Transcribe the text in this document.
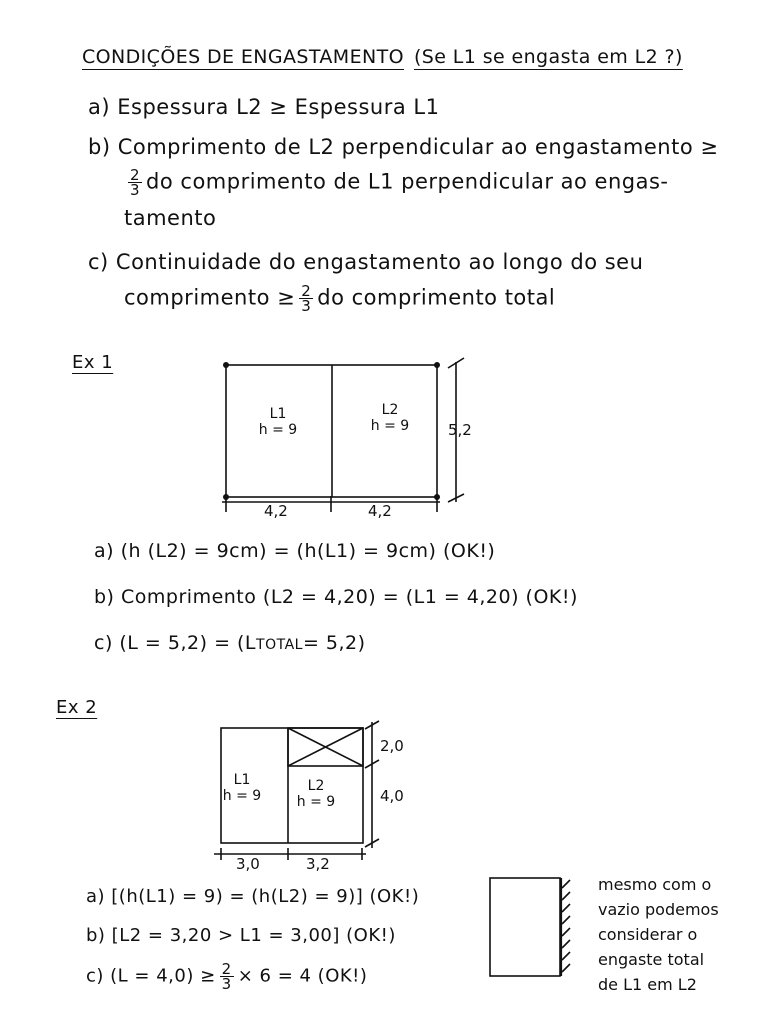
CONDIÇÕES DE ENGASTAMENTO (Se L1 se engasta em L2 ?)
a) Espessura L2 ≥ Espessura L1
b) Comprimento de L2 perpendicular ao engastamento ≥
$\frac{2}{3}$ do comprimento de L1 perpendicular ao engas-
tamento
c) Continuidade do engastamento ao longo do seu
comprimento ≥ $\frac{2}{3}$ do comprimento total
Ex 1
L1
h = 9
L2
h = 9	5,2
4,2	4,2
a) (h (L2) = 9cm) = (h(L1) = 9cm) (OK!)
b) Comprimento (L2 = 4,20) = (L1 = 4,20) (OK!)
c) (L = 5,2) = (LTOTAL= 5,2)
Ex 2
L1
h = 9
L2
h = 9
2,0
4,0
3,0	3,2
a) [(h(L1) = 9) = (h(L2) = 9)] (OK!)
b) [L2 = 3,20 > L1 = 3,00] (OK!)
c) $(L = 4,0) \ge \frac{2}{3} \times 6 = 4$ (OK!)
mesmo com o
vazio podemos
considerar o
engaste total
de L1 em L2
